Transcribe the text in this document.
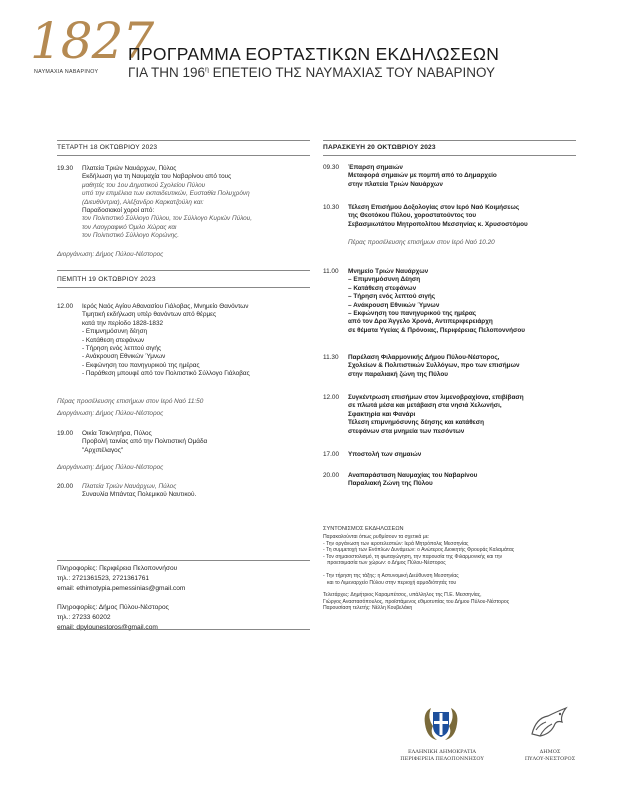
1827
ΝΑΥΜΑΧΙΑ ΝΑΒΑΡΙΝΟΥ
ΠΡΟΓΡΑΜΜΑ ΕΟΡΤΑΣΤΙΚΩΝ ΕΚΔΗΛΩΣΕΩΝ
ΓΙΑ ΤΗΝ $196^\eta$ ΕΠΕΤΕΙΟ ΤΗΣ ΝΑΥΜΑΧΙΑΣ ΤΟΥ ΝΑΒΑΡΙΝΟΥ
ΤΕΤΑΡΤΗ 18 ΟΚΤΩΒΡΙΟΥ 2023
19.30	Πλατεία Τριών Ναυάρχων, Πύλος
Εκδήλωση για τη Ναυμαχία του Ναβαρίνου από τους
μαθητές του 1ου Δημοτικού Σχολείου Πύλου
υπό την επιμέλεια των εκπαιδευτικών, Ευσταθία Πολυχρόνη
(Διευθύντρια), Αλέξανδρο Καρκατζούλη και:
Παραδοσιακοί χοροί από:
τον Πολιτιστικό Σύλλογο Πύλου, τον Σύλλογο Κυριών Πύλου,
τον Λαογραφικό Όμιλο Χώρας και
τον Πολιτιστικό Σύλλογο Κορώνης.
Διοργάνωση: Δήμος Πύλου-Νέστορος
ΠΕΜΠΤΗ 19 ΟΚΤΩΒΡΙΟΥ 2023
12.00	Ιερός Ναός Αγίου Αθανασίου Γιάλοβας, Μνημείο Θανόντων
Τιμητική εκδήλωση υπέρ θανόντων από θέρμες
κατά την περίοδο 1828-1832
- Επιμνημόσυνη δέηση
- Κατάθεση στεφάνων
- Τήρηση ενός λεπτού σιγής
- Ανάκρουση Εθνικών Ύμνων
- Εκφώνηση του πανηγυρικού της ημέρας
- Παράθεση μπουφέ από τον Πολιτιστικό Σύλλογο Γιάλοβας
Πέρας προσέλευσης επισήμων στον Ιερό Ναό 11:50
Διοργάνωση: Δήμος Πύλου-Νέστορος
19.00	Οικία Τσικλητήρα, Πύλος
Προβολή ταινίας από την Πολιτιστική Ομάδα
"Αρχιπέλαγος"
Διοργάνωση: Δήμος Πύλου-Νέστορος
20.00	Πλατεία Τριών Ναυάρχων, Πύλος
Συναυλία Μπάντας Πολεμικού Ναυτικού.
Πληροφορίες: Περιφέρεια Πελοποννήσου
τηλ.: 2721361523, 2721361761
email: ethimotypia.pemessinias@gmail.com
Πληροφορίες: Δήμος Πύλου-Νέστορος
τηλ.: 27233 60202
email: dpylounestoros@gmail.com
ΠΑΡΑΣΚΕΥΗ 20 ΟΚΤΩΒΡΙΟΥ 2023
09.30	Έπαρση σημαιών
Μεταφορά σημαιών με πομπή από το Δημαρχείο
στην πλατεία Τριών Ναυάρχων
10.30	Τέλεση Επισήμου Δοξολογίας στον Ιερό Ναό Κοιμήσεως
της Θεοτόκου Πύλου, χοροστατούντος του
Σεβασμιωτάτου Μητροπολίτου Μεσσηνίας κ. Χρυσοστόμου
Πέρας προσέλευσης επισήμων στον Ιερό Ναό 10.20
11.00	Μνημείο Τριών Ναυάρχων
– Επιμνημόσυνη Δέηση
– Κατάθεση στεφάνων
– Τήρηση ενός λεπτού σιγής
– Ανάκρουση Εθνικών Ύμνων
– Εκφώνηση του πανηγυρικού της ημέρας
από τον Δρα Άγγελο Χρονά, Αντιπεριφερειάρχη
σε θέματα Υγείας & Πρόνοιας, Περιφέρειας Πελοποννήσου
11.30	Παρέλαση Φιλαρμονικής Δήμου Πύλου-Νέστορος,
Σχολείων & Πολιτιστικών Συλλόγων, προ των επισήμων
στην παραλιακή ζώνη της Πύλου
12.00	Συγκέντρωση επισήμων στον λιμενοβραχίονα, επιβίβαση
σε πλωτά μέσα και μετάβαση στα νησιά Χελωνήσι,
Σφακτηρία και Φανάρι
Τέλεση επιμνημόσυνης δέησης και κατάθεση
στεφάνων στα μνημεία των πεσόντων
17.00	Υποστολή των σημαιών
20.00	Αναπαράσταση Ναυμαχίας του Ναβαρίνου
Παραλιακή Ζώνη της Πύλου
ΣΥΝΤΟΝΙΣΜΟΣ ΕΚΔΗΛΩΣΕΩΝ
Παρακαλούνται όπως ρυθμίσουν τα σχετικά με:
- Την οργάνωση των ιεροτελεστιών: Ιερά Μητρόπολις Μεσσηνίας
- Τη συμμετοχή των Ενόπλων Δυνάμεων: ο Ανώτερος Διοικητής Φρουράς Καλαμάτας
- Τον σημαιοστολισμό, τη φωταγώγηση, την παρουσία της Φιλαρμονικής και την
προετοιμασία των χώρων: ο Δήμος Πύλου-Νέστορος
- Την τήρηση της τάξης: η Αστυνομική Διεύθυνση Μεσσηνίας
και το Λιμεναρχείο Πύλου στην περιοχή αρμοδιότητάς του
Τελετάρχες: Δημήτριος Καραμπέτσος, υπάλληλος της Π.Ε. Μεσσηνίας,
Γιώργος Αναστασόπουλος, προϊστάμενος εθιμοτυπίας του Δήμου Πύλου-Νέστορος
Παρουσίαση τελετής: Νέλλη Κουβελάκη
ΕΛΛΗΝΙΚΗ ΔΗΜΟΚΡΑΤΙΑ
ΠΕΡΙΦΕΡΕΙΑ ΠΕΛΟΠΟΝΝΗΣΟΥ
ΔΗΜΟΣ
ΠΥΛΟΥ-ΝΕΣΤΟΡΟΣ
